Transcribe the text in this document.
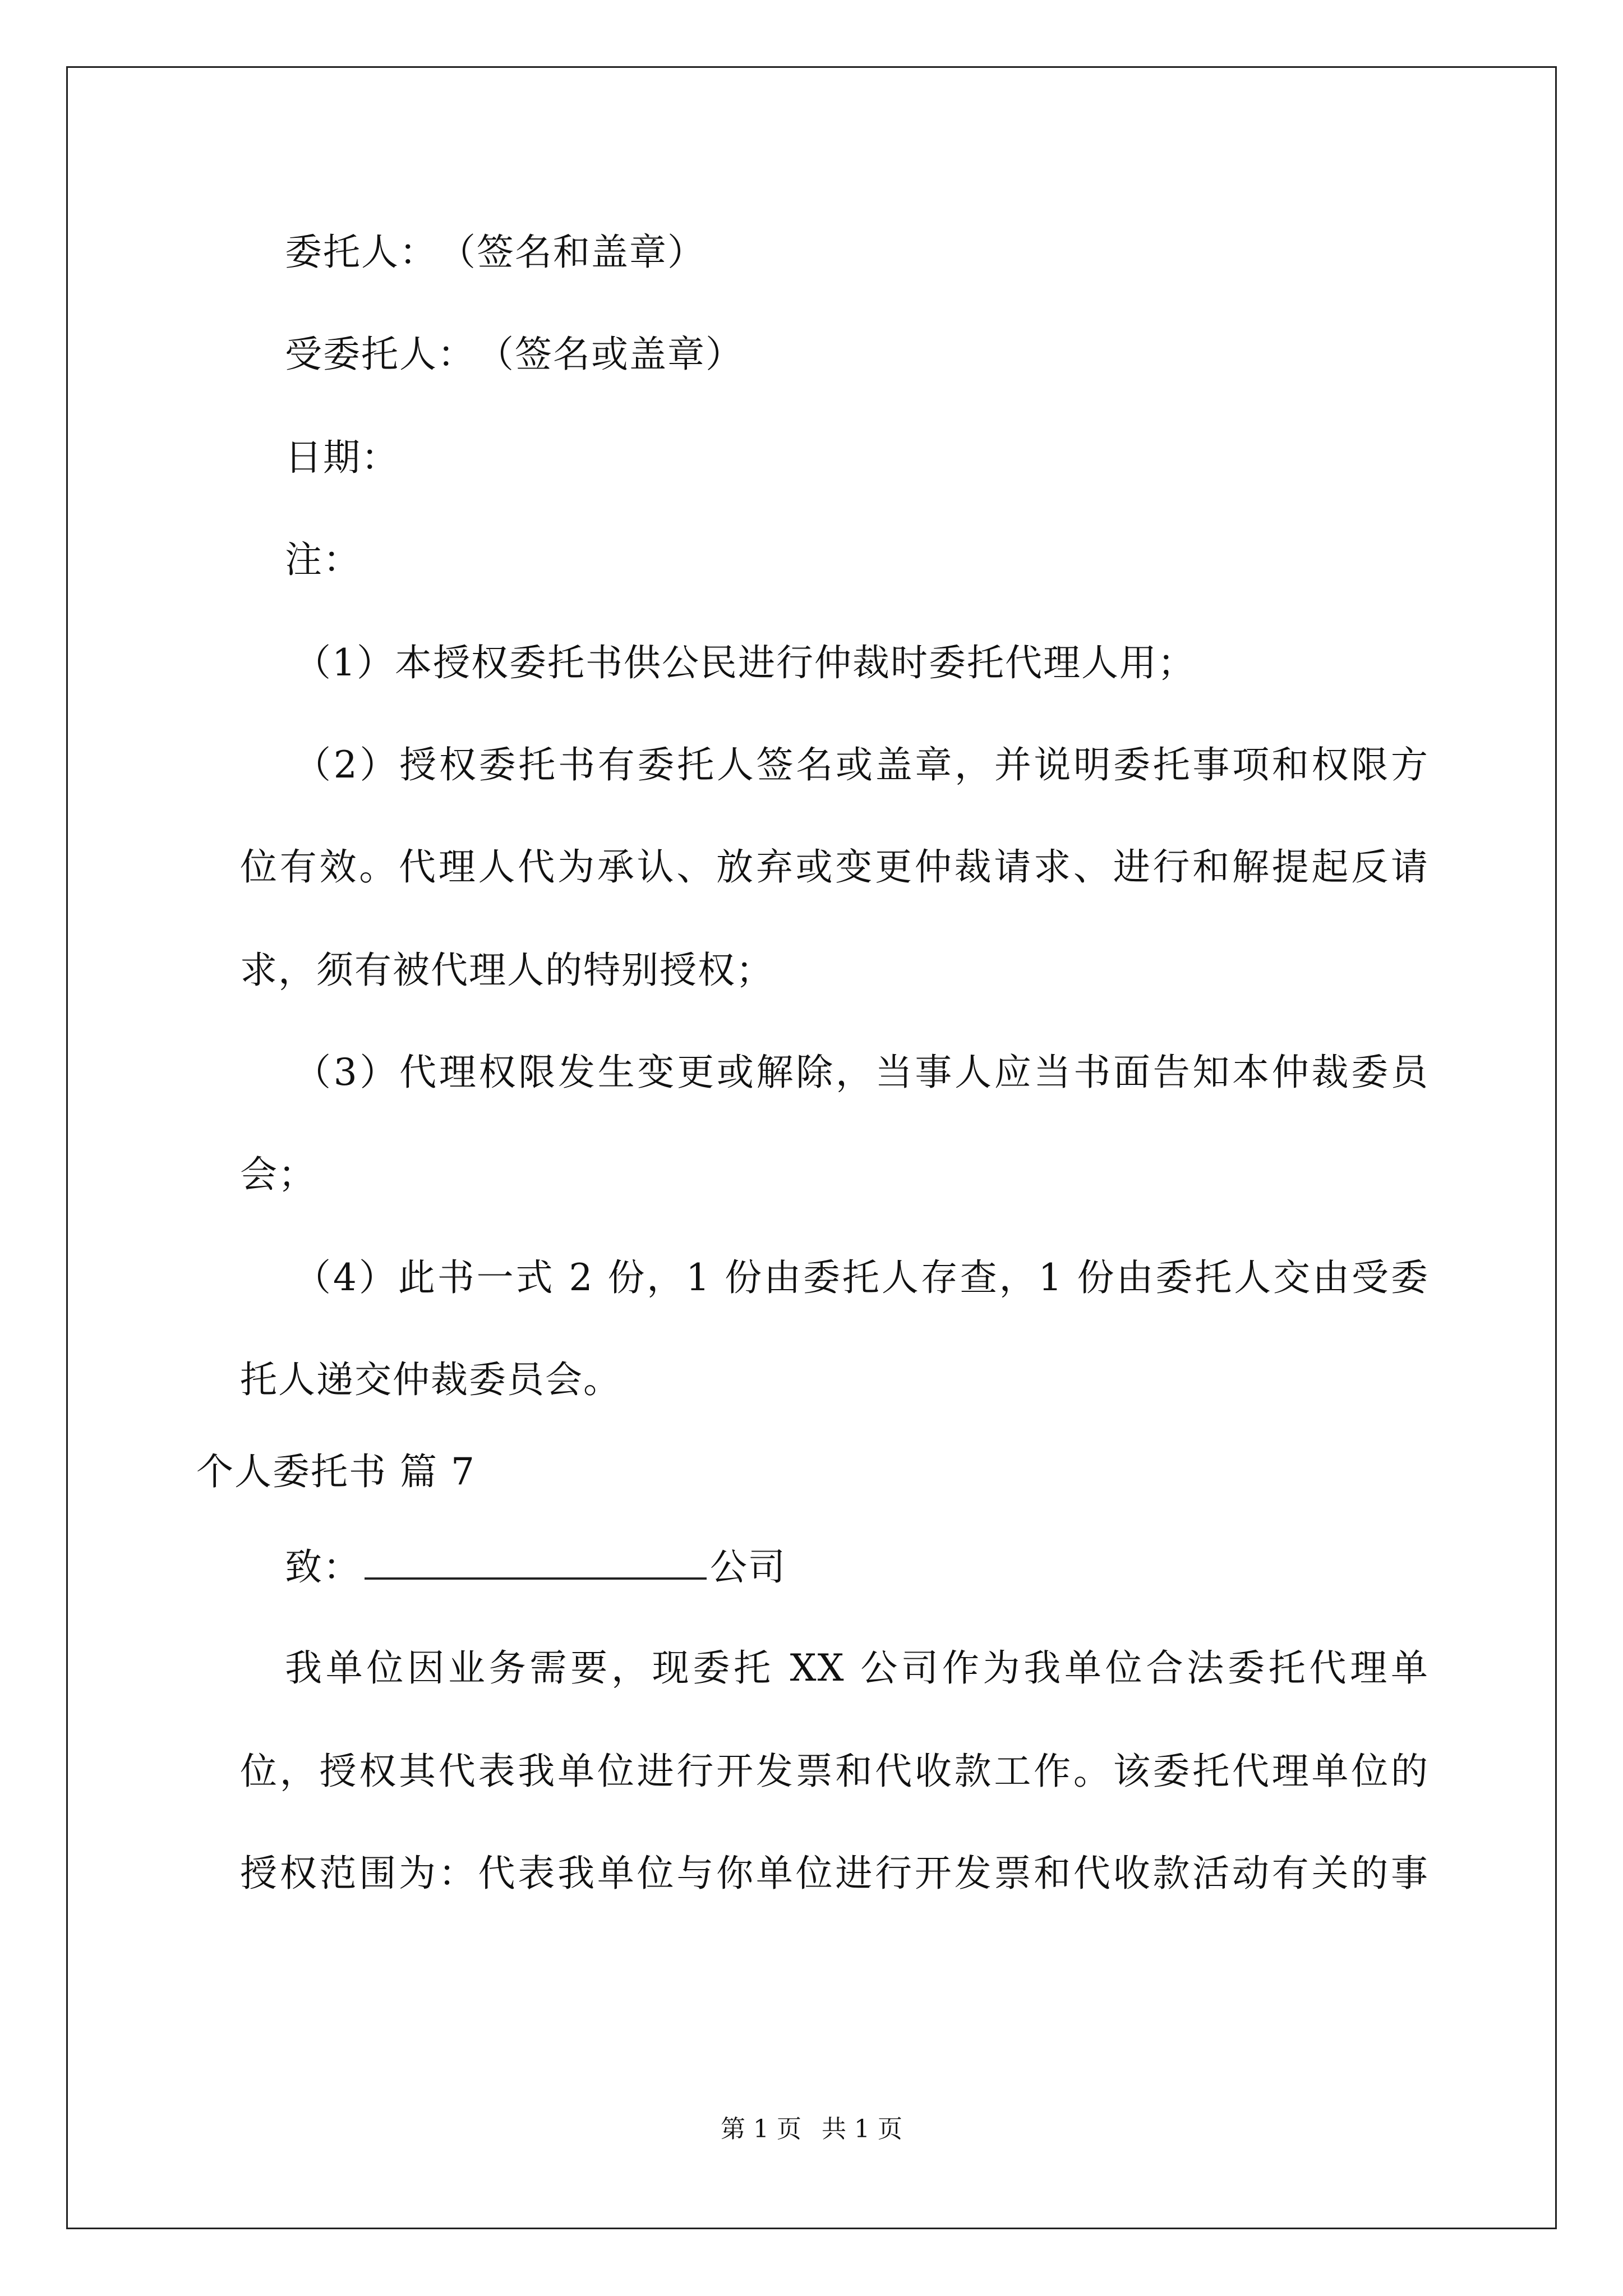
委托人：　（签名和盖章）
受委托人：　（签名或盖章）
日期：
注：
（1）本授权委托书供公民进行仲裁时委托代理人用；
（2）授权委托书有委托人签名或盖章，并说明委托事项和权限方
位有效。代理人代为承认、放弃或变更仲裁请求、进行和解提起反请
求，须有被代理人的特别授权；
（3）代理权限发生变更或解除，当事人应当书面告知本仲裁委员
会；
（4）此书一式 2 份，1 份由委托人存查，1 份由委托人交由受委
托人递交仲裁委员会。
个人委托书 篇 7
致：	公司
我单位因业务需要，现委托 XX 公司作为我单位合法委托代理单
位，授权其代表我单位进行开发票和代收款工作。该委托代理单位的
授权范围为：代表我单位与你单位进行开发票和代收款活动有关的事
第 1 页 共 1 页
